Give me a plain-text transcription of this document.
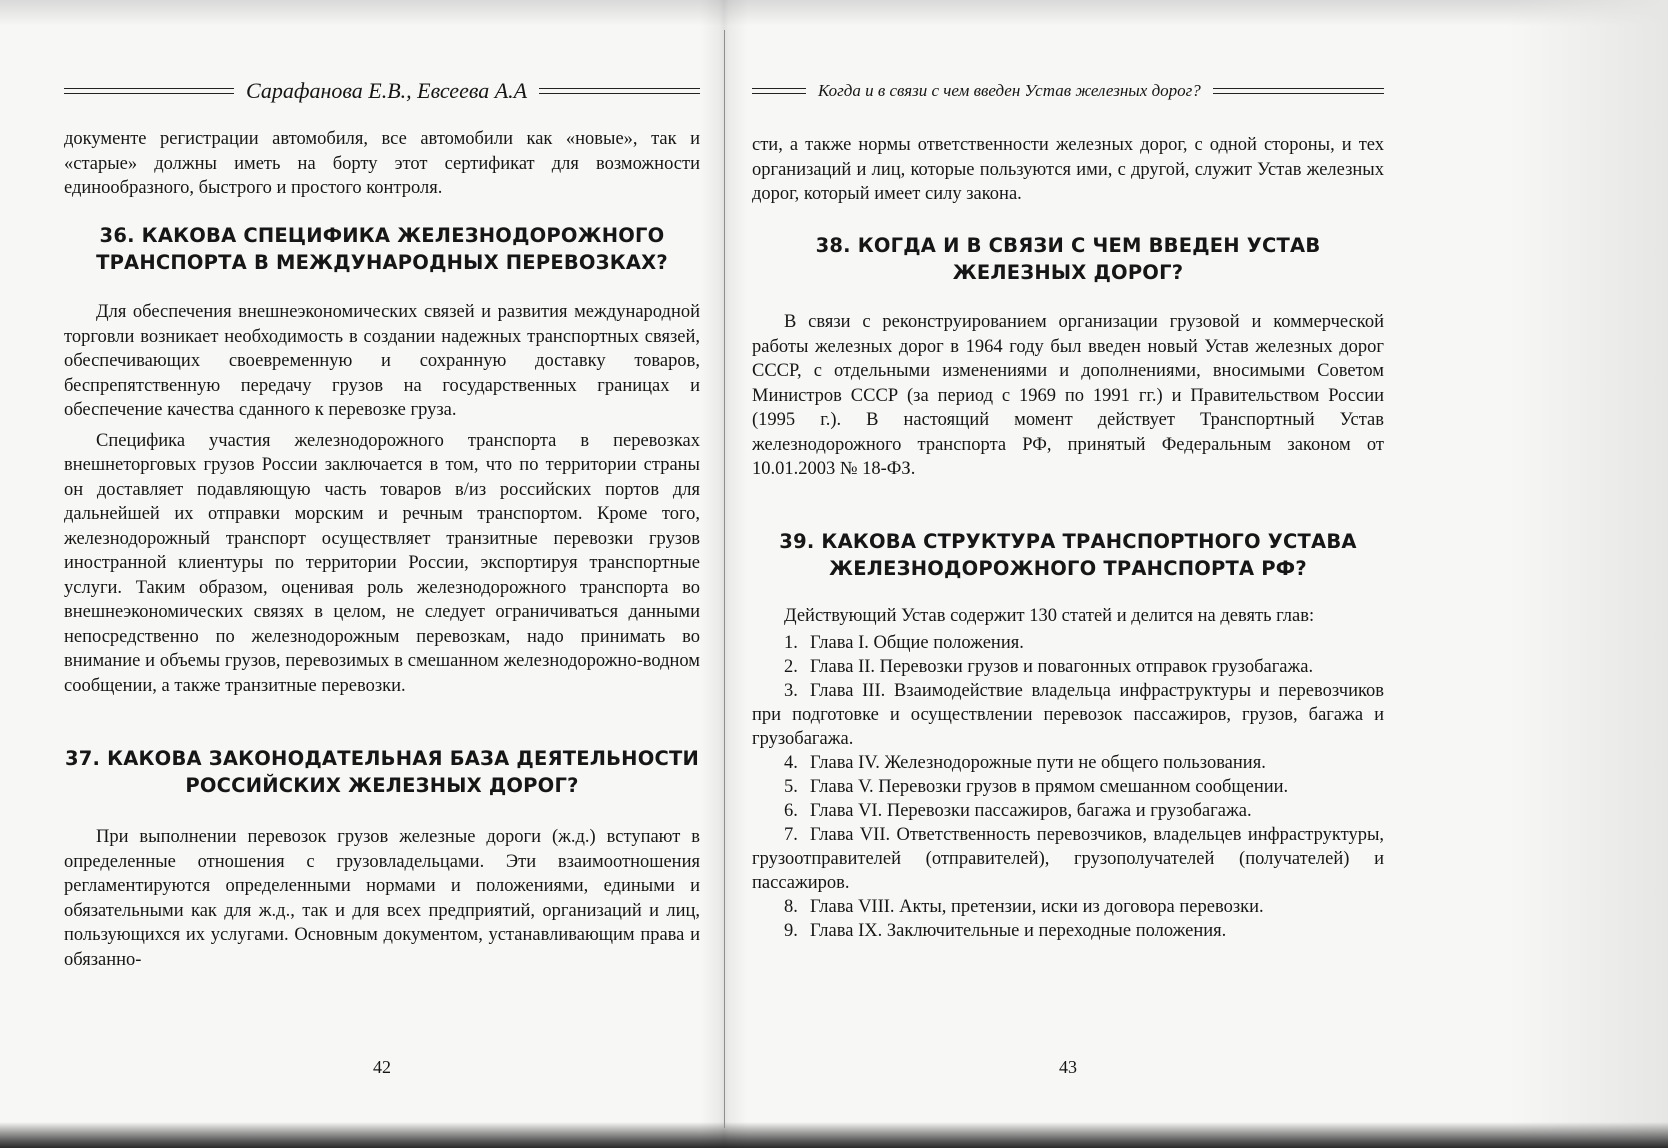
Сарафанова Е.В., Евсеева А.А

документе регистрации автомобиля, все автомобили как «новые», так и «старые» должны иметь на борту этот сертификат для возможности единообразного, быстрого и простого контроля.

36. КАКОВА СПЕЦИФИКА ЖЕЛЕЗНОДОРОЖНОГО
ТРАНСПОРТА В МЕЖДУНАРОДНЫХ ПЕРЕВОЗКАХ?

Для обеспечения внешнеэкономических связей и развития международной торговли возникает необходимость в создании надежных транспортных связей, обеспечивающих своевременную и сохранную доставку товаров, беспрепятственную передачу грузов на государственных границах и обеспечение качества сданного к перевозке груза.

Специфика участия железнодорожного транспорта в перевозках внешнеторговых грузов России заключается в том, что по территории страны он доставляет подавляющую часть товаров в/из российских портов для дальнейшей их отправки морским и речным транспортом. Кроме того, железнодорожный транспорт осуществляет транзитные перевозки грузов иностранной клиентуры по территории России, экспортируя транспортные услуги. Таким образом, оценивая роль железнодорожного транспорта во внешнеэкономических связях в целом, не следует ограничиваться данными непосредственно по железнодорожным перевозкам, надо принимать во внимание и объемы грузов, перевозимых в смешанном железнодорожно-водном сообщении, а также транзитные перевозки.

37. КАКОВА ЗАКОНОДАТЕЛЬНАЯ БАЗА ДЕЯТЕЛЬНОСТИ
РОССИЙСКИХ ЖЕЛЕЗНЫХ ДОРОГ?

При выполнении перевозок грузов железные дороги (ж.д.) вступают в определенные отношения с грузовладельцами. Эти взаимоотношения регламентируются определенными нормами и положениями, едиными и обязательными как для ж.д., так и для всех предприятий, организаций и лиц, пользующихся их услугами. Основным документом, устанавливающим права и обязанно-

42
Когда и в связи с чем введен Устав железных дорог?

сти, а также нормы ответственности железных дорог, с одной стороны, и тех организаций и лиц, которые пользуются ими, с другой, служит Устав железных дорог, который имеет силу закона.

38. КОГДА И В СВЯЗИ С ЧЕМ ВВЕДЕН УСТАВ
ЖЕЛЕЗНЫХ ДОРОГ?

В связи с реконструированием организации грузовой и коммерческой работы железных дорог в 1964 году был введен новый Устав железных дорог СССР, с отдельными изменениями и дополнениями, вносимыми Советом Министров СССР (за период с 1969 по 1991 гг.) и Правительством России (1995 г.). В настоящий момент действует Транспортный Устав железнодорожного транспорта РФ, принятый Федеральным законом от 10.01.2003 № 18-ФЗ.

39. КАКОВА СТРУКТУРА ТРАНСПОРТНОГО УСТАВА
ЖЕЛЕЗНОДОРОЖНОГО ТРАНСПОРТА РФ?

Действующий Устав содержит 130 статей и делится на девять глав:

1. Глава I. Общие положения.
2. Глава II. Перевозки грузов и повагонных отправок грузобагажа.
3. Глава III. Взаимодействие владельца инфраструктуры и перевозчиков при подготовке и осуществлении перевозок пассажиров, грузов, багажа и грузобагажа.
4. Глава IV. Железнодорожные пути не общего пользования.
5. Глава V. Перевозки грузов в прямом смешанном сообщении.
6. Глава VI. Перевозки пассажиров, багажа и грузобагажа.
7. Глава VII. Ответственность перевозчиков, владельцев инфраструктуры, грузоотправителей (отправителей), грузополучателей (получателей) и пассажиров.
8. Глава VIII. Акты, претензии, иски из договора перевозки.
9. Глава IX. Заключительные и переходные положения.
43
